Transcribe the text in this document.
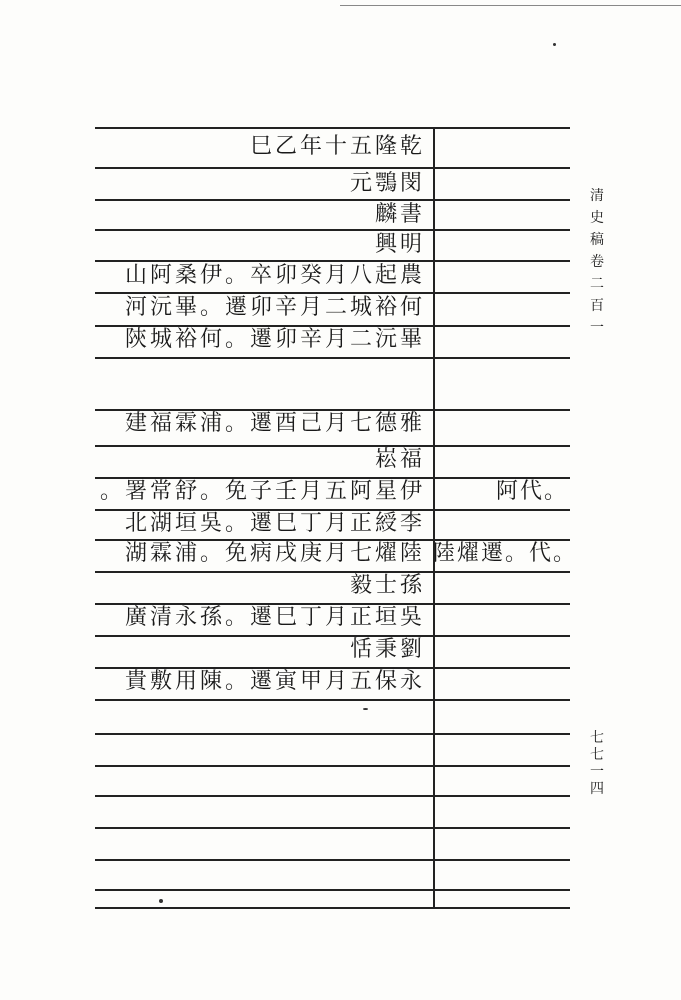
乾隆五十年乙巳
閔鶚元
書麟
明興
農起八月癸卯卒。伊桑阿山
何裕城二月辛卯遷。畢沅河
畢沅二月辛卯遷。何裕城陝
雅德七月己酉遷。浦霖福建
福崧
伊星阿五月壬子免。舒常署。	阿代。
李綬正月丁巳遷。吳垣湖北
陸燿七月庚戌病免。浦霖湖 陸燿遷。代。
孫士毅
吳垣正月丁巳遷。孫永清廣
劉秉恬
永保五月甲寅遷。陳用敷貴
清史稿卷二百一
七七一四
